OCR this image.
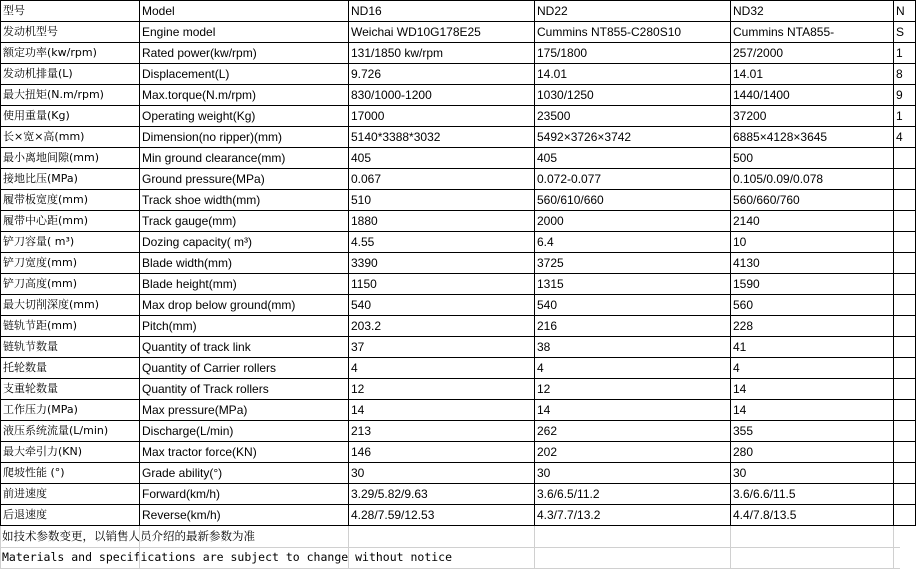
型号	Model	ND16	ND22	ND32	N
发动机型号	Engine model	Weichai WD10G178E25	Cummins NT855-C280S10	Cummins NTA855-	S
额定功率(kw/rpm)	Rated power(kw/rpm)	131/1850 kw/rpm	175/1800	257/2000	1
发动机排量(L)	Displacement(L)	9.726	14.01	14.01	8
最大扭矩(N.m/rpm)	Max.torque(N.m/rpm)	830/1000-1200	1030/1250	1440/1400	9
使用重量(Kg)	Operating weight(Kg)	17000	23500	37200	1
长×宽×高(mm)	Dimension(no ripper)(mm)	5140*3388*3032	5492×3726×3742	6885×4128×3645	4
最小离地间隙(mm)	Min ground clearance(mm)	405	405	500	
接地比压(MPa)	Ground pressure(MPa)	0.067	0.072-0.077	0.105/0.09/0.078	
履带板宽度(mm)	Track shoe width(mm)	510	560/610/660	560/660/760	
履带中心距(mm)	Track gauge(mm)	1880	2000	2140	
铲刀容量( m³)	Dozing capacity( m³)	4.55	6.4	10	
铲刀宽度(mm)	Blade width(mm)	3390	3725	4130	
铲刀高度(mm)	Blade height(mm)	1150	1315	1590	
最大切削深度(mm)	Max drop below ground(mm)	540	540	560	
链轨节距(mm)	Pitch(mm)	203.2	216	228	
链轨节数量	Quantity of track link	37	38	41	
托轮数量	Quantity of Carrier rollers	4	4	4	
支重轮数量	Quantity of Track rollers	12	12	14	
工作压力(MPa)	Max pressure(MPa)	14	14	14	
液压系统流量(L/min)	Discharge(L/min)	213	262	355	
最大牵引力(KN)	Max tractor force(KN)	146	202	280	
爬坡性能 (°)	Grade ability(°)	30	30	30	
前进速度	Forward(km/h)	3.29/5.82/9.63	3.6/6.5/11.2	3.6/6.6/11.5	
后退速度	Reverse(km/h)	4.28/7.59/12.53	4.3/7.7/13.2	4.4/7.8/13.5	
如技术参数变更，以销售人员介绍的最新参数为准
Materials and specifications are subject to change without notice
